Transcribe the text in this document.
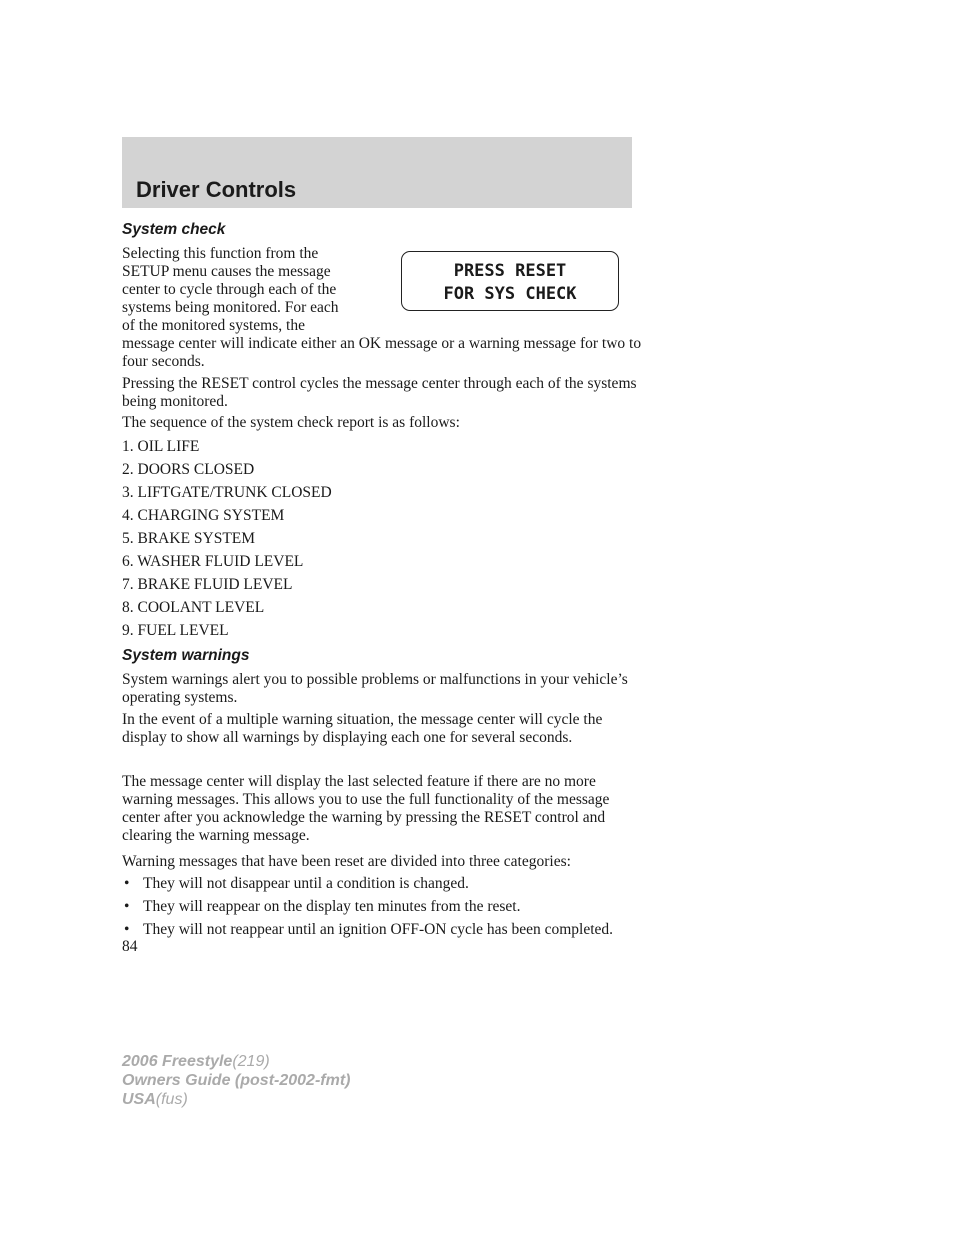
Driver Controls
System check

Selecting this function from the
SETUP menu causes the message
center to cycle through each of the
systems being monitored. For each
of the monitored systems, the

message center will indicate either an OK message or a warning message for two to four seconds.

PRESS RESET
FOR SYS CHECK

Pressing the RESET control cycles the message center through each of the systems being monitored.

The sequence of the system check report is as follows:

1. OIL LIFE

2. DOORS CLOSED

3. LIFTGATE/TRUNK CLOSED

4. CHARGING SYSTEM

5. BRAKE SYSTEM

6. WASHER FLUID LEVEL

7. BRAKE FLUID LEVEL

8. COOLANT LEVEL

9. FUEL LEVEL

System warnings

System warnings alert you to possible problems or malfunctions in your vehicle’s operating systems.

In the event of a multiple warning situation, the message center will cycle the display to show all warnings by displaying each one for several seconds.

The message center will display the last selected feature if there are no more warning messages. This allows you to use the full functionality of the message center after you acknowledge the warning by pressing the RESET control and clearing the warning message.

Warning messages that have been reset are divided into three categories:

• They will not disappear until a condition is changed.

• They will reappear on the display ten minutes from the reset.

• They will not reappear until an ignition OFF-ON cycle has been completed.

84

2006 Freestyle(219)
Owners Guide (post-2002-fmt)
USA(fus)
